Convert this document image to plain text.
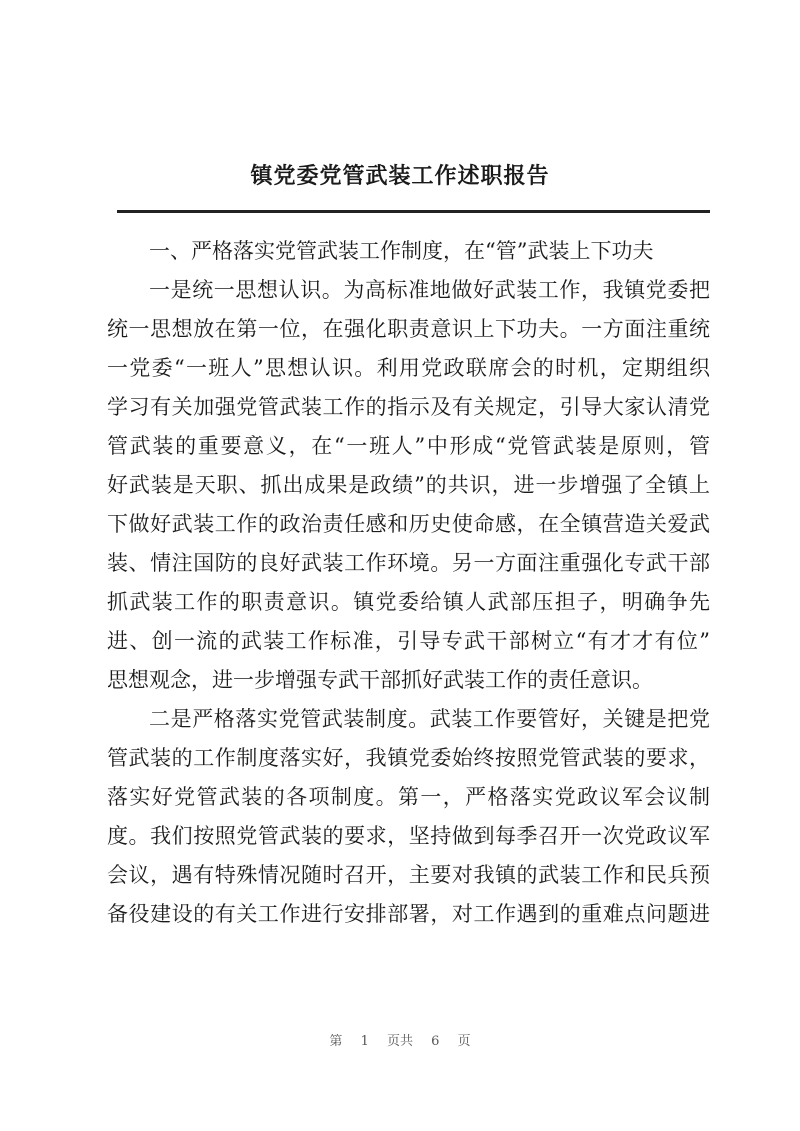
镇党委党管武装工作述职报告
一、严格落实党管武装工作制度，在“管”武装上下功夫
一是统一思想认识。为高标准地做好武装工作，我镇党委把
统一思想放在第一位，在强化职责意识上下功夫。一方面注重统
一党委“一班人”思想认识。利用党政联席会的时机，定期组织
学习有关加强党管武装工作的指示及有关规定，引导大家认清党
管武装的重要意义，在“一班人”中形成“党管武装是原则，管
好武装是天职、抓出成果是政绩”的共识，进一步增强了全镇上
下做好武装工作的政治责任感和历史使命感，在全镇营造关爱武
装、情注国防的良好武装工作环境。另一方面注重强化专武干部
抓武装工作的职责意识。镇党委给镇人武部压担子，明确争先
进、创一流的武装工作标准，引导专武干部树立“有才才有位”
思想观念，进一步增强专武干部抓好武装工作的责任意识。
二是严格落实党管武装制度。武装工作要管好，关键是把党
管武装的工作制度落实好，我镇党委始终按照党管武装的要求，
落实好党管武装的各项制度。第一，严格落实党政议军会议制
度。我们按照党管武装的要求，坚持做到每季召开一次党政议军
会议，遇有特殊情况随时召开，主要对我镇的武装工作和民兵预
备役建设的有关工作进行安排部署，对工作遇到的重难点问题进
第 1 页共 6 页
